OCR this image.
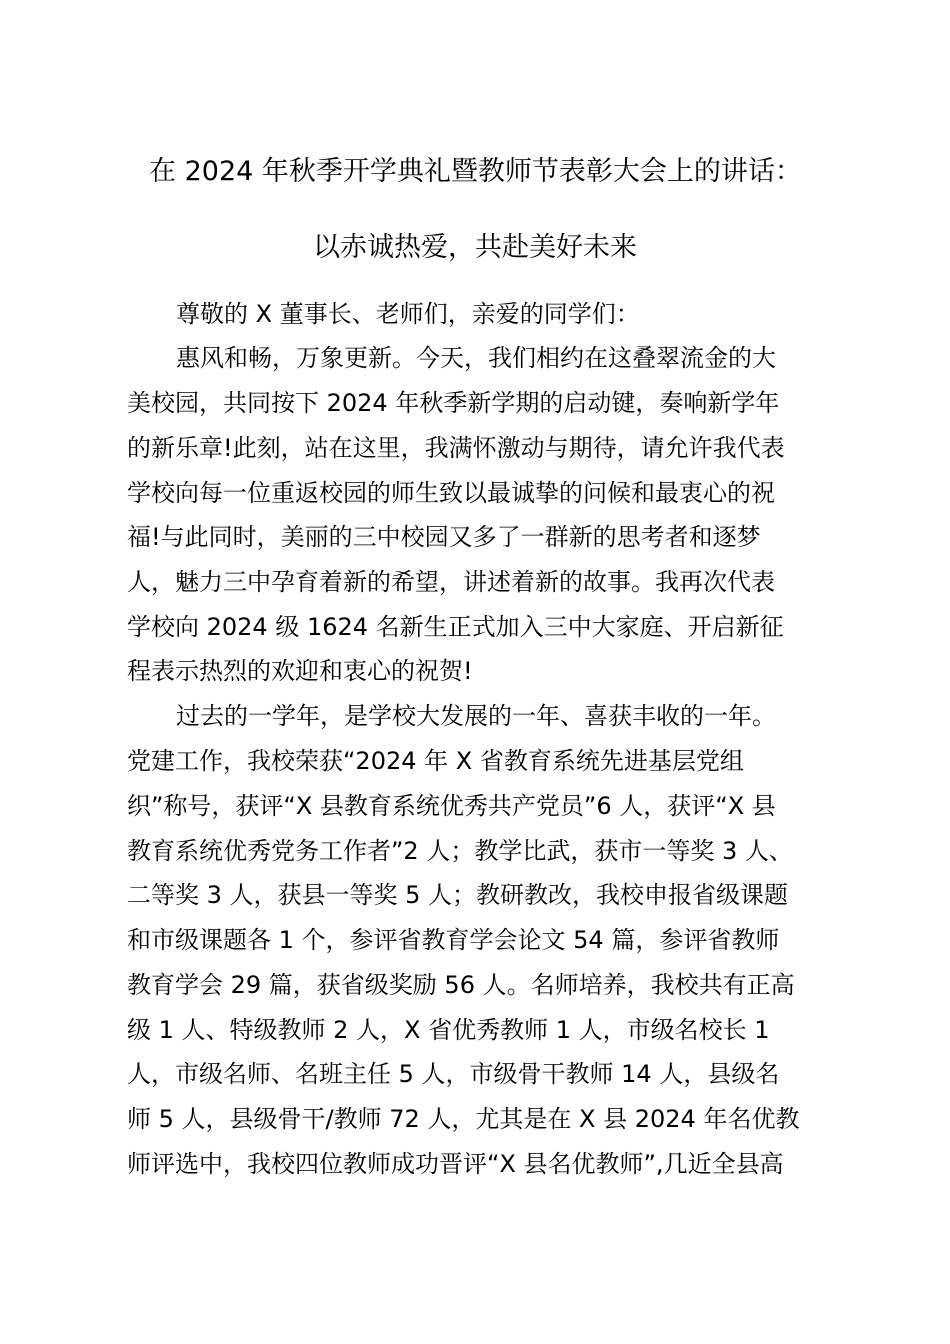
在 2024 年秋季开学典礼暨教师节表彰大会上的讲话：
以赤诚热爱，共赴美好未来
尊敬的 X 董事长、老师们，亲爱的同学们：
惠风和畅，万象更新。今天，我们相约在这叠翠流金的大
美校园，共同按下 2024 年秋季新学期的启动键，奏响新学年
的新乐章!此刻，站在这里，我满怀激动与期待，请允许我代表
学校向每一位重返校园的师生致以最诚挚的问候和最衷心的祝
福!与此同时，美丽的三中校园又多了一群新的思考者和逐梦
人，魅力三中孕育着新的希望，讲述着新的故事。我再次代表
学校向 2024 级 1624 名新生正式加入三中大家庭、开启新征
程表示热烈的欢迎和衷心的祝贺!
过去的一学年，是学校大发展的一年、喜获丰收的一年。
党建工作，我校荣获“2024 年 X 省教育系统先进基层党组
织”称号，获评“X 县教育系统优秀共产党员”6 人，获评“X 县
教育系统优秀党务工作者”2 人；教学比武，获市一等奖 3 人、
二等奖 3 人，获县一等奖 5 人；教研教改，我校申报省级课题
和市级课题各 1 个，参评省教育学会论文 54 篇，参评省教师
教育学会 29 篇，获省级奖励 56 人。名师培养，我校共有正高
级 1 人、特级教师 2 人，X 省优秀教师 1 人，市级名校长 1
人，市级名师、名班主任 5 人，市级骨干教师 14 人，县级名
师 5 人，县级骨干/教师 72 人，尤其是在 X 县 2024 年名优教
师评选中，我校四位教师成功晋评“X 县名优教师”,几近全县高
